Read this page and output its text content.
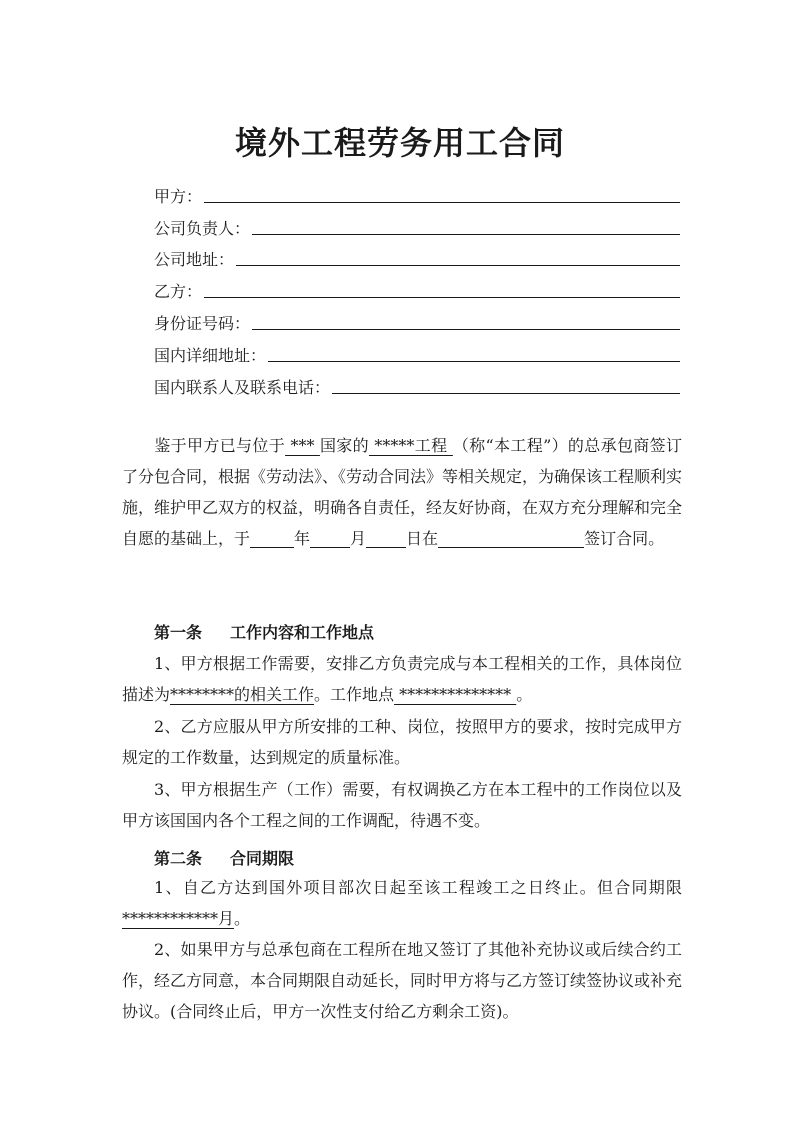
境外工程劳务用工合同
甲方：
公司负责人：
公司地址：
乙方：
身份证号码：
国内详细地址：
国内联系人及联系电话：

鉴于甲方已与位于 *** 国家的 *****工程 （称“本工程”）的总承包商签订了分包合同，根据《劳动法》、《劳动合同法》等相关规定，为确保该工程顺利实施，维护甲乙双方的权益，明确各自责任，经友好协商，在双方充分理解和完全自愿的基础上，于	年	月	日在	签订合同。

第一条 工作内容和工作地点

1、甲方根据工作需要，安排乙方负责完成与本工程相关的工作，具体岗位描述为********的相关工作。工作地点 ************** 。

2、乙方应服从甲方所安排的工种、岗位，按照甲方的要求，按时完成甲方规定的工作数量，达到规定的质量标准。

3、甲方根据生产（工作）需要，有权调换乙方在本工程中的工作岗位以及甲方该国国内各个工程之间的工作调配，待遇不变。

第二条 合同期限

1、自乙方达到国外项目部次日起至该工程竣工之日终止。但合同期限************月。

2、如果甲方与总承包商在工程所在地又签订了其他补充协议或后续合约工作，经乙方同意，本合同期限自动延长，同时甲方将与乙方签订续签协议或补充协议。(合同终止后，甲方一次性支付给乙方剩余工资)。
